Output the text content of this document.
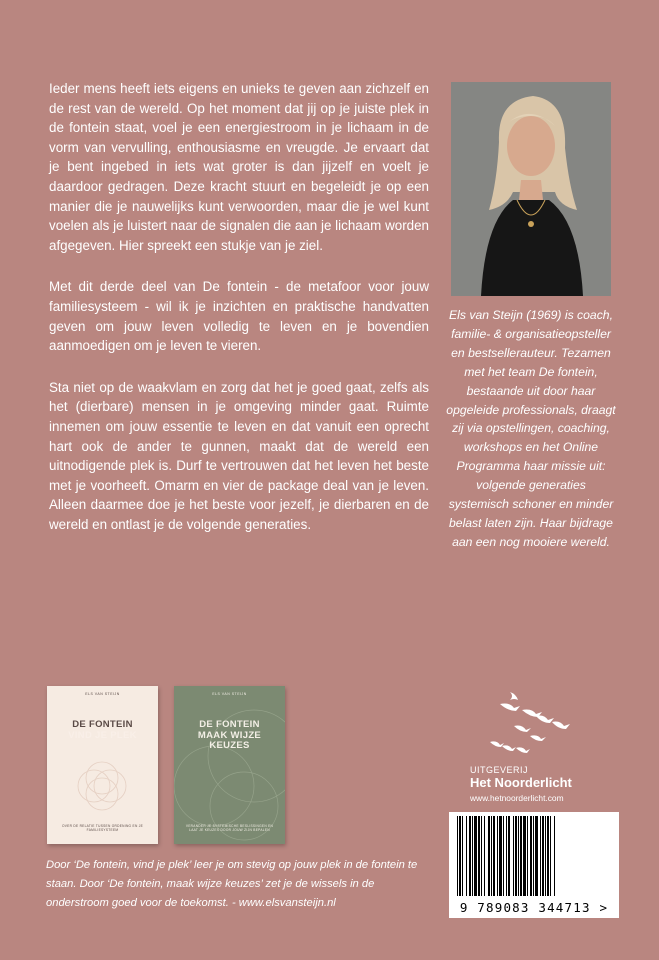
Ieder mens heeft iets eigens en unieks te geven aan zichzelf en de rest van de wereld. Op het moment dat jij op je juiste plek in de fontein staat, voel je een energiestroom in je lichaam in de vorm van vervulling, enthousiasme en vreugde. Je ervaart dat je bent ingebed in iets wat groter is dan jijzelf en voelt je daardoor gedragen. Deze kracht stuurt en begeleidt je op een manier die je nauwelijks kunt verwoorden, maar die je wel kunt voelen als je luistert naar de signalen die aan je lichaam worden afgegeven. Hier spreekt een stukje van je ziel.

Met dit derde deel van De fontein - de metafoor voor jouw familiesysteem - wil ik je inzichten en praktische handvatten geven om jouw leven volledig te leven en je bovendien aanmoedigen om je leven te vieren.

Sta niet op de waakvlam en zorg dat het je goed gaat, zelfs als het (dierbare) mensen in je omgeving minder gaat. Ruimte innemen om jouw essentie te leven en dat vanuit een oprecht hart ook de ander te gunnen, maakt dat de wereld een uitnodigende plek is. Durf te vertrouwen dat het leven het beste met je voorheeft. Omarm en vier de package deal van je leven. Alleen daarmee doe je het beste voor jezelf, je dierbaren en de wereld en ontlast je de volgende generaties.

Els van Steijn (1969) is coach, familie- & organisatieopsteller en bestsellerauteur. Tezamen met het team De fontein, bestaande uit door haar opgeleide professionals, draagt zij via opstellingen, coaching, workshops en het Online Programma haar missie uit: volgende generaties systemisch schoner en minder belast laten zijn. Haar bijdrage aan een nog mooiere wereld.
ELS VAN STEIJN
DE FONTEIN
VIND JE PLEK
OVER DE RELATIE TUSSEN ORDENING EN JE FAMILIESYSTEEM
ELS VAN STEIJN
DE FONTEIN MAAK WIJZE KEUZES
VERANDER JE SYSTEMISCHE BESLISSINGEN EN LAAT JE KEUZES DOOR JOUW ZIJN BEPALEN
Door ‘De fontein, vind je plek’ leer je om stevig op jouw plek in de fontein te staan. Door ‘De fontein, maak wijze keuzes’ zet je de wissels in de onderstroom goed voor de toekomst. - www.elsvansteijn.nl
UITGEVERIJ
Het Noorderlicht
www.hetnoorderlicht.com
9 789083 344713 >
